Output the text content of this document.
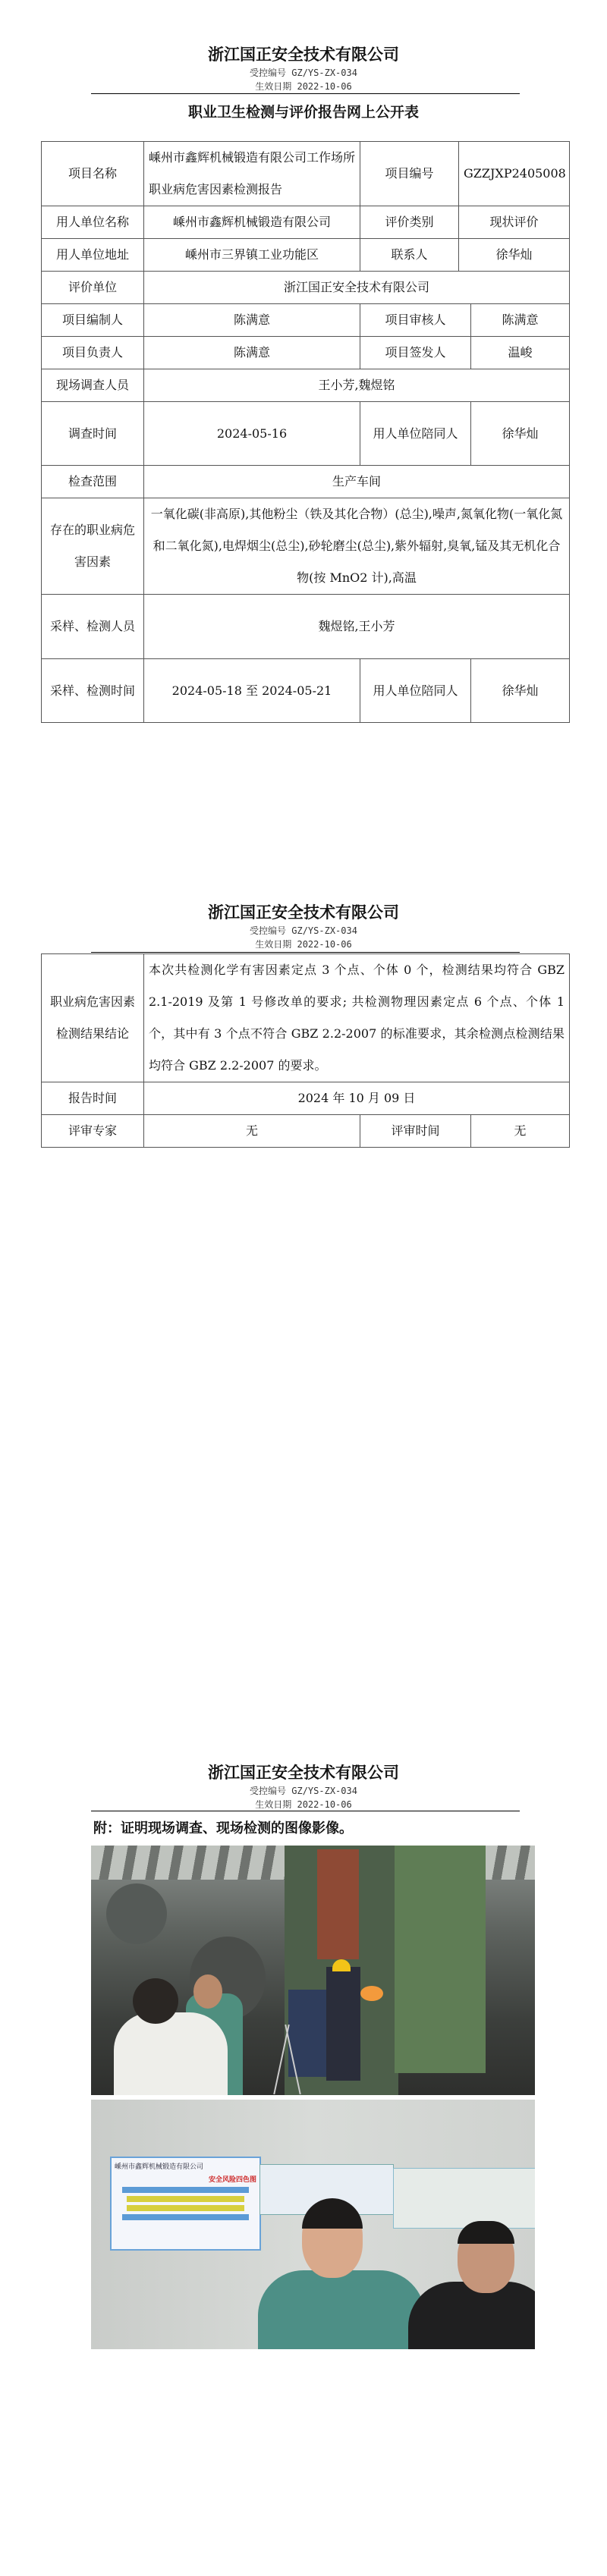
浙江国正安全技术有限公司
受控编号 GZ/YS-ZX-034
生效日期 2022-10-06
职业卫生检测与评价报告网上公开表
项目名称	嵊州市鑫辉机械锻造有限公司工作场所职业病危害因素检测报告	项目编号	GZZJXP2405008	
用人单位名称	嵊州市鑫辉机械锻造有限公司	评价类别	现状评价	
用人单位地址	嵊州市三界镇工业功能区	联系人	徐华灿	
评价单位	浙江国正安全技术有限公司			
项目编制人	陈满意	项目审核人		陈满意
项目负责人	陈满意	项目签发人		温峻
现场调查人员	王小芳,魏煜铭			
调查时间	2024-05-16	用人单位陪同人		徐华灿
检查范围	生产车间			
存在的职业病危害因素	一氧化碳(非高原),其他粉尘（铁及其化合物）(总尘),噪声,氮氧化物(一氧化氮和二氧化氮),电焊烟尘(总尘),砂轮磨尘(总尘),紫外辐射,臭氧,锰及其无机化合物(按 MnO2 计),高温			
采样、检测人员	魏煜铭,王小芳			
采样、检测时间	2024-05-18 至 2024-05-21	用人单位陪同人		徐华灿
浙江国正安全技术有限公司
受控编号 GZ/YS-ZX-034
生效日期 2022-10-06
职业病危害因素检测结果结论	本次共检测化学有害因素定点 3 个点、个体 0 个，检测结果均符合 GBZ 2.1-2019 及第 1 号修改单的要求; 共检测物理因素定点 6 个点、个体 1 个，其中有 3 个点不符合 GBZ 2.2-2007 的标准要求，其余检测点检测结果均符合 GBZ 2.2-2007 的要求。		
报告时间	2024 年 10 月 09 日		
评审专家	无	评审时间	无
浙江国正安全技术有限公司
受控编号 GZ/YS-ZX-034
生效日期 2022-10-06
附：证明现场调查、现场检测的图像影像。
嵊州市鑫辉机械锻造有限公司
安全风险四色图
